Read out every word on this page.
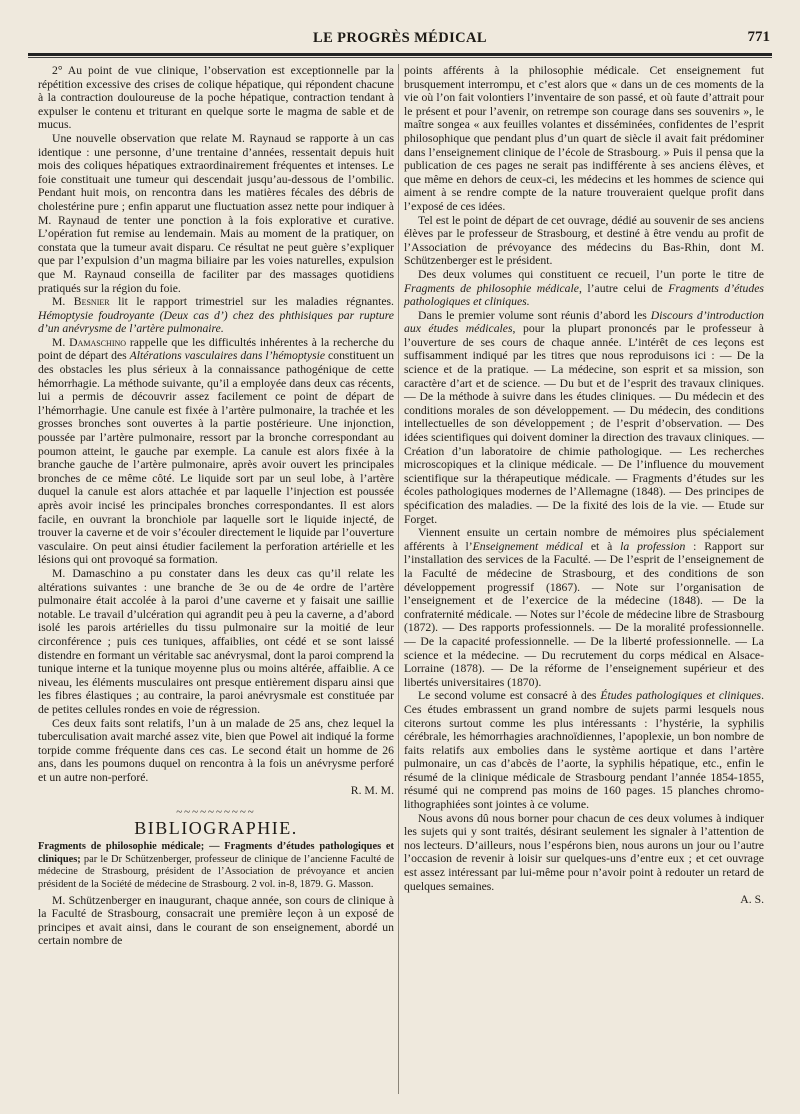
LE PROGRÈS MÉDICAL	771

2° Au point de vue clinique, l’observation est exceptionnelle par la répétition excessive des crises de colique hépatique, qui répondent chacune à la contraction douloureuse de la poche hépatique, contraction tendant à expulser le contenu et triturant en quelque sorte le magma de sable et de mucus.

Une nouvelle observation que relate M. Raynaud se rapporte à un cas identique : une personne, d’une trentaine d’années, ressentait depuis huit mois des coliques hépatiques extraordinairement fréquentes et intenses. Le foie constituait une tumeur qui descendait jusqu’au-dessous de l’ombilic. Pendant huit mois, on rencontra dans les matières fécales des débris de cholestérine pure ; enfin apparut une fluctuation assez nette pour indiquer à M. Raynaud de tenter une ponction à la fois explorative et curative. L’opération fut remise au lendemain. Mais au moment de la pratiquer, on constata que la tumeur avait disparu. Ce résultat ne peut guère s’expliquer que par l’expulsion d’un magma biliaire par les voies naturelles, expulsion que M. Raynaud conseilla de faciliter par des massages quotidiens pratiqués sur la région du foie.

M. Besnier lit le rapport trimestriel sur les maladies régnantes. Hémoptysie foudroyante (Deux cas d’) chez des phthisiques par rupture d’un anévrysme de l’artère pulmonaire.

M. Damaschino rappelle que les difficultés inhérentes à la recherche du point de départ des Altérations vasculaires dans l’hémoptysie constituent un des obstacles les plus sérieux à la connaissance pathogénique de cette hémorrhagie. La méthode suivante, qu’il a employée dans deux cas récents, lui a permis de découvrir assez facilement ce point de départ de l’hémorrhagie. Une canule est fixée à l’artère pulmonaire, la trachée et les grosses bronches sont ouvertes à la partie postérieure. Une injonction, poussée par l’artère pulmonaire, ressort par la bronche correspondant au poumon atteint, le gauche par exemple. La canule est alors fixée à la branche gauche de l’artère pulmonaire, après avoir ouvert les principales bronches de ce même côté. Le liquide sort par un seul lobe, à l’artère duquel la canule est alors attachée et par laquelle l’injection est poussée après avoir incisé les principales bronches correspondantes. Il est alors facile, en ouvrant la bronchiole par laquelle sort le liquide injecté, de trouver la caverne et de voir s’écouler directement le liquide par l’ouverture vasculaire. On peut ainsi étudier facilement la perforation artérielle et les lésions qui ont provoqué sa formation.

M. Damaschino a pu constater dans les deux cas qu’il relate les altérations suivantes : une branche de 3e ou de 4e ordre de l’artère pulmonaire était accolée à la paroi d’une caverne et y faisait une saillie notable. Le travail d’ulcération qui agrandit peu à peu la caverne, a d’abord isolé les parois artérielles du tissu pulmonaire sur la moitié de leur circonférence ; puis ces tuniques, affaiblies, ont cédé et se sont laissé distendre en formant un véritable sac anévrysmal, dont la paroi comprend la tunique interne et la tunique moyenne plus ou moins altérée, affaiblie. A ce niveau, les éléments musculaires ont presque entièrement disparu ainsi que les fibres élastiques ; au contraire, la paroi anévrysmale est constituée par de petites cellules rondes en voie de régression.

Ces deux faits sont relatifs, l’un à un malade de 25 ans, chez lequel la tuberculisation avait marché assez vite, bien que Powel ait indiqué la forme torpide comme fréquente dans ces cas. Le second était un homme de 26 ans, dans les poumons duquel on rencontra à la fois un anévrysme perforé et un autre non-perforé.

R. M. M.

~~~~~~~~~~
BIBLIOGRAPHIE.

Fragments de philosophie médicale; — Fragments d’études pathologiques et cliniques; par le Dr Schützenberger, professeur de clinique de l’ancienne Faculté de médecine de Strasbourg, président de l’Association de prévoyance et ancien président de la Société de médecine de Strasbourg. 2 vol. in-8, 1879. G. Masson.

M. Schützenberger en inaugurant, chaque année, son cours de clinique à la Faculté de Strasbourg, consacrait une première leçon à un exposé de principes et avait ainsi, dans le courant de son enseignement, abordé un certain nombre de

points afférents à la philosophie médicale. Cet enseignement fut brusquement interrompu, et c’est alors que « dans un de ces moments de la vie où l’on fait volontiers l’inventaire de son passé, et où faute d’attrait pour le présent et pour l’avenir, on retrempe son courage dans ses souvenirs », le maître songea « aux feuilles volantes et disséminées, confidentes de l’esprit philosophique que pendant plus d’un quart de siècle il avait fait prédominer dans l’enseignement clinique de l’école de Strasbourg. » Puis il pensa que la publication de ces pages ne serait pas indifférente à ses anciens élèves, et que même en dehors de ceux-ci, les médecins et les hommes de science qui aiment à se rendre compte de la nature trouveraient quelque profit dans l’exposé de ces idées.

Tel est le point de départ de cet ouvrage, dédié au souvenir de ses anciens élèves par le professeur de Strasbourg, et destiné à être vendu au profit de l’Association de prévoyance des médecins du Bas-Rhin, dont M. Schützenberger est le président.

Des deux volumes qui constituent ce recueil, l’un porte le titre de Fragments de philosophie médicale, l’autre celui de Fragments d’études pathologiques et cliniques.

Dans le premier volume sont réunis d’abord les Discours d’introduction aux études médicales, pour la plupart prononcés par le professeur à l’ouverture de ses cours de chaque année. L’intérêt de ces leçons est suffisamment indiqué par les titres que nous reproduisons ici : — De la science et de la pratique. — La médecine, son esprit et sa mission, son caractère d’art et de science. — Du but et de l’esprit des travaux cliniques. — De la méthode à suivre dans les études cliniques. — Du médecin et des conditions morales de son développement. — Du médecin, des conditions intellectuelles de son développement ; de l’esprit d’observation. — Des idées scientifiques qui doivent dominer la direction des travaux cliniques. — Création d’un laboratoire de chimie pathologique. — Les recherches microscopiques et la clinique médicale. — De l’influence du mouvement scientifique sur la thérapeutique médicale. — Fragments d’études sur les écoles pathologiques modernes de l’Allemagne (1848). — Des principes de spécification des maladies. — De la fixité des lois de la vie. — Etude sur Forget.

Viennent ensuite un certain nombre de mémoires plus spécialement afférents à l’Enseignement médical et à la profession : Rapport sur l’installation des services de la Faculté. — De l’esprit de l’enseignement de la Faculté de médecine de Strasbourg, et des conditions de son développement progressif (1867). — Note sur l’organisation de l’enseignement et de l’exercice de la médecine (1848). — De la confraternité médicale. — Notes sur l’école de médecine libre de Strasbourg (1872). — Des rapports professionnels. — De la moralité professionnelle. — De la capacité professionnelle. — De la liberté professionnelle. — La science et la médecine. — Du recrutement du corps médical en Alsace-Lorraine (1878). — De la réforme de l’enseignement supérieur et des libertés universitaires (1870).

Le second volume est consacré à des Études pathologiques et cliniques. Ces études embrassent un grand nombre de sujets parmi lesquels nous citerons surtout comme les plus intéressants : l’hystérie, la syphilis cérébrale, les hémorrhagies arachnoïdiennes, l’apoplexie, un bon nombre de faits relatifs aux embolies dans le système aortique et dans l’artère pulmonaire, un cas d’abcès de l’aorte, la syphilis hépatique, etc., enfin le résumé de la clinique médicale de Strasbourg pendant l’année 1854-1855, résumé qui ne comprend pas moins de 160 pages. 15 planches chromo-lithographiées sont jointes à ce volume.

Nous avons dû nous borner pour chacun de ces deux volumes à indiquer les sujets qui y sont traités, désirant seulement les signaler à l’attention de nos lecteurs. D’ailleurs, nous l’espérons bien, nous aurons un jour ou l’autre l’occasion de revenir à loisir sur quelques-uns d’entre eux ; et cet ouvrage est assez intéressant par lui-même pour n’avoir point à redouter un retard de quelques semaines.

A. S.
